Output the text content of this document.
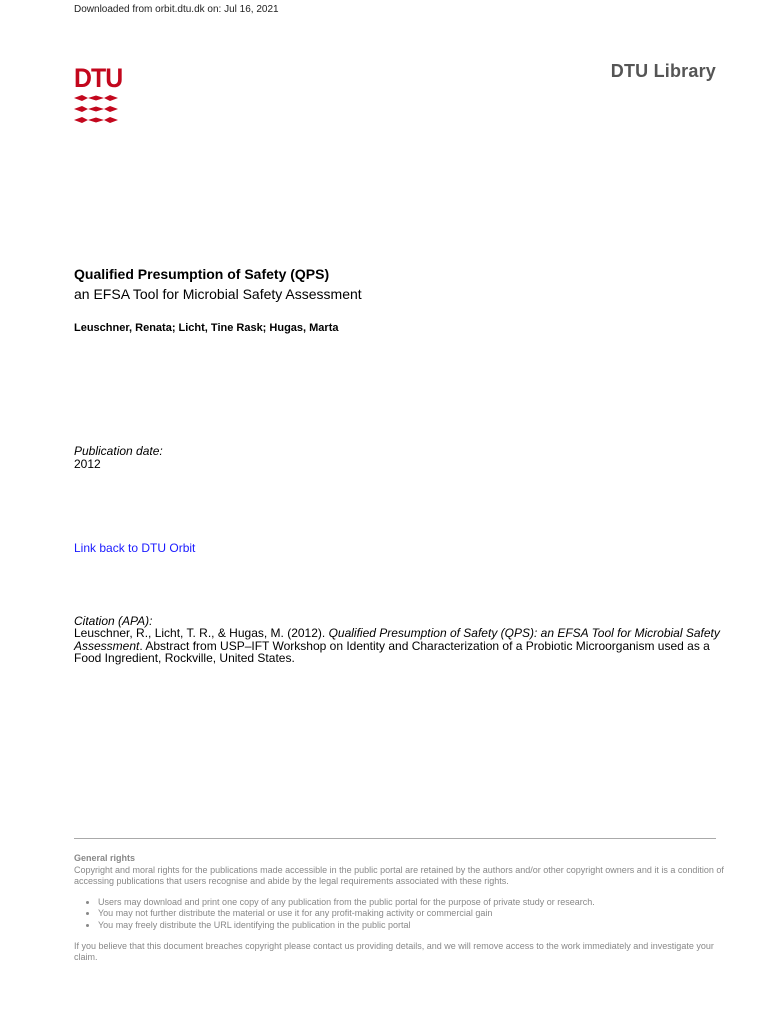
Downloaded from orbit.dtu.dk on: Jul 16, 2021
DTU	DTU Library
Qualified Presumption of Safety (QPS)
an EFSA Tool for Microbial Safety Assessment
Leuschner, Renata; Licht, Tine Rask; Hugas, Marta
Publication date:
2012
Link back to DTU Orbit
Citation (APA):
Leuschner, R., Licht, T. R., & Hugas, M. (2012). Qualified Presumption of Safety (QPS): an EFSA Tool for Microbial Safety Assessment. Abstract from USP–IFT Workshop on Identity and Characterization of a Probiotic Microorganism used as a Food Ingredient, Rockville, United States.
General rights
Copyright and moral rights for the publications made accessible in the public portal are retained by the authors and/or other copyright owners and it is a condition of accessing publications that users recognise and abide by the legal requirements associated with these rights.
• Users may download and print one copy of any publication from the public portal for the purpose of private study or research.
• You may not further distribute the material or use it for any profit-making activity or commercial gain
• You may freely distribute the URL identifying the publication in the public portal
If you believe that this document breaches copyright please contact us providing details, and we will remove access to the work immediately and investigate your claim.
